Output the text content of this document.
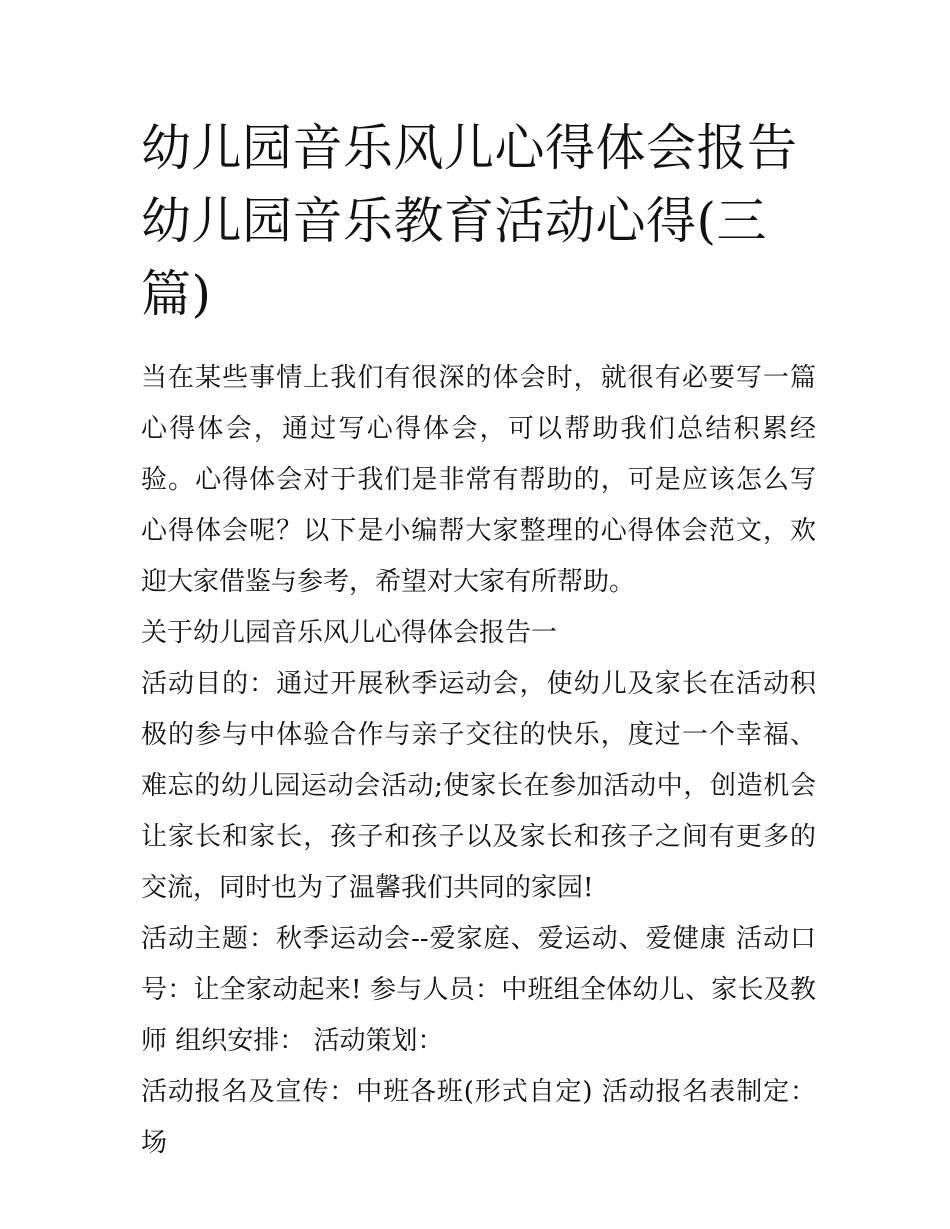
幼儿园音乐风儿心得体会报告幼儿园音乐教育活动心得(三篇)

当在某些事情上我们有很深的体会时，就很有必要写一篇心得体会，通过写心得体会，可以帮助我们总结积累经验。心得体会对于我们是非常有帮助的，可是应该怎么写心得体会呢？以下是小编帮大家整理的心得体会范文，欢迎大家借鉴与参考，希望对大家有所帮助。

关于幼儿园音乐风儿心得体会报告一

活动目的：通过开展秋季运动会，使幼儿及家长在活动积极的参与中体验合作与亲子交往的快乐，度过一个幸福、难忘的幼儿园运动会活动;使家长在参加活动中，创造机会让家长和家长，孩子和孩子以及家长和孩子之间有更多的交流，同时也为了温馨我们共同的家园!

活动主题：秋季运动会--爱家庭、爱运动、爱健康 活动口号：让全家动起来! 参与人员：中班组全体幼儿、家长及教师 组织安排： 活动策划：

活动报名及宣传：中班各班(形式自定) 活动报名表制定： 场
